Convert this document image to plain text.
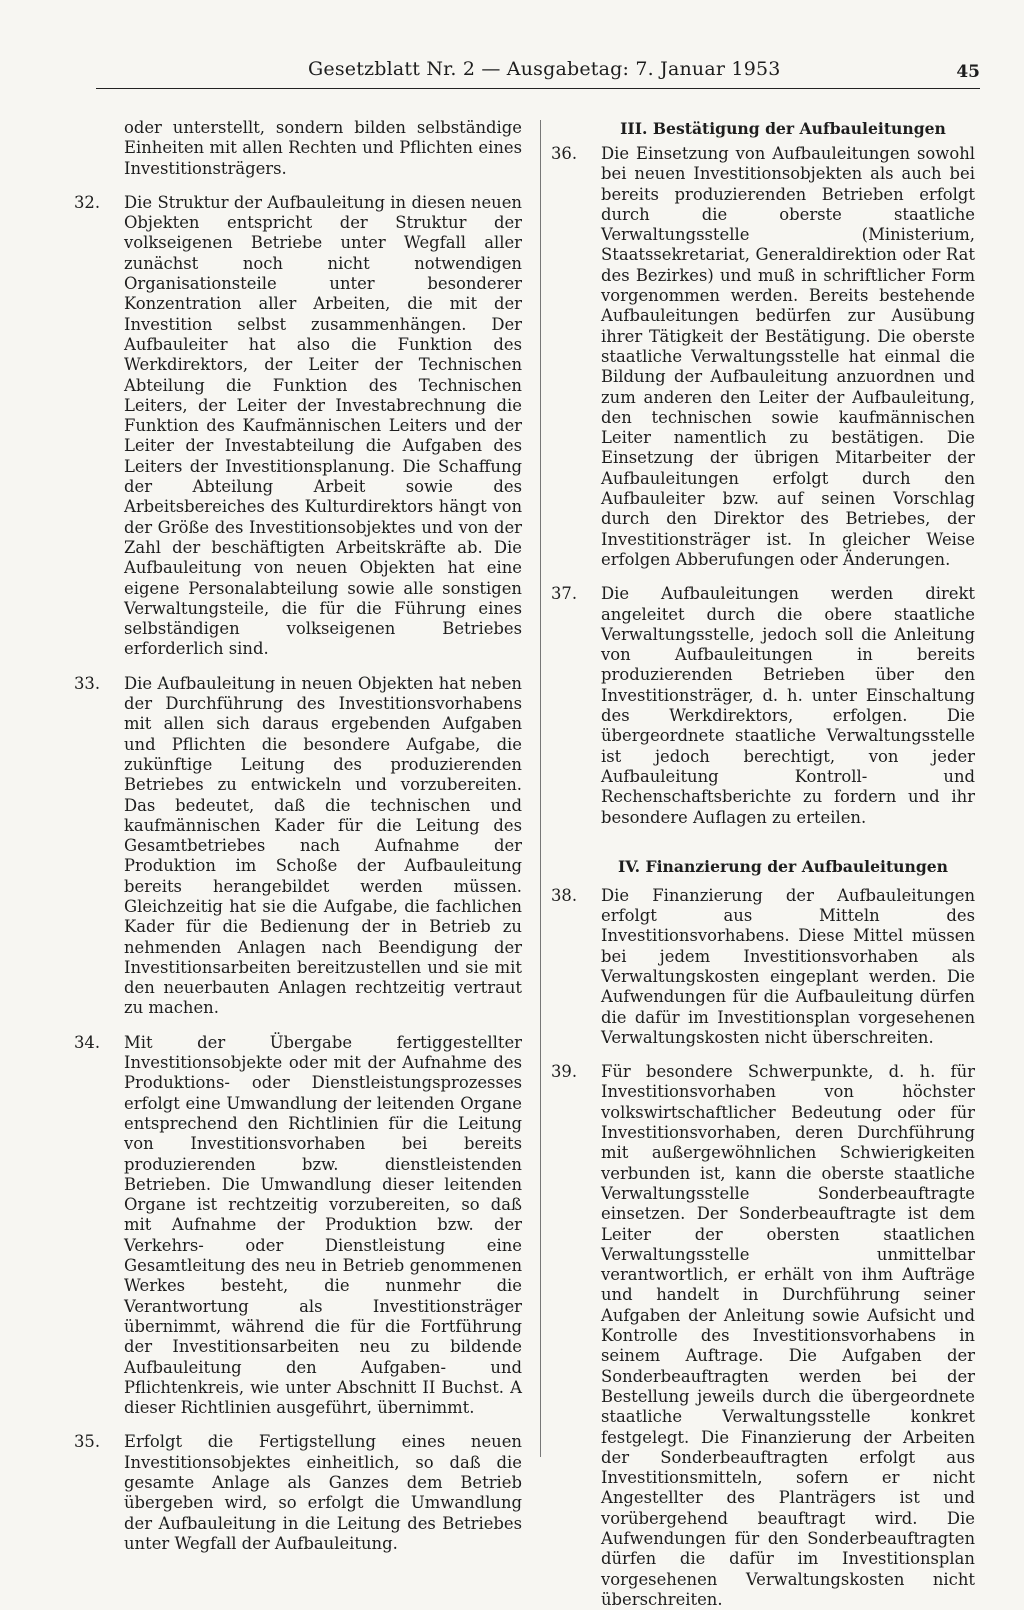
Gesetzblatt Nr. 2 — Ausgabetag: 7. Januar 1953	45
oder unterstellt, sondern bilden selbständige Einheiten mit allen Rechten und Pflichten eines Investitionsträgers.
32.	Die Struktur der Aufbauleitung in diesen neuen Objekten entspricht der Struktur der volkseigenen Betriebe unter Wegfall aller zunächst noch nicht notwendigen Organisationsteile unter besonderer Konzentration aller Arbeiten, die mit der Investition selbst zusammenhängen. Der Aufbauleiter hat also die Funktion des Werkdirektors, der Leiter der Technischen Abteilung die Funktion des Technischen Leiters, der Leiter der Investabrechnung die Funktion des Kaufmännischen Leiters und der Leiter der Investabteilung die Aufgaben des Leiters der Investitionsplanung. Die Schaffung der Abteilung Arbeit sowie des Arbeitsbereiches des Kulturdirektors hängt von der Größe des Investitionsobjektes und von der Zahl der beschäftigten Arbeitskräfte ab. Die Aufbauleitung von neuen Objekten hat eine eigene Personalabteilung sowie alle sonstigen Verwaltungsteile, die für die Führung eines selbständigen volkseigenen Betriebes erforderlich sind.
33.	Die Aufbauleitung in neuen Objekten hat neben der Durchführung des Investitionsvorhabens mit allen sich daraus ergebenden Aufgaben und Pflichten die besondere Aufgabe, die zukünftige Leitung des produzierenden Betriebes zu entwickeln und vorzubereiten. Das bedeutet, daß die technischen und kaufmännischen Kader für die Leitung des Gesamtbetriebes nach Aufnahme der Produktion im Schoße der Aufbauleitung bereits herangebildet werden müssen. Gleichzeitig hat sie die Aufgabe, die fachlichen Kader für die Bedienung der in Betrieb zu nehmenden Anlagen nach Beendigung der Investitionsarbeiten bereitzustellen und sie mit den neuerbauten Anlagen rechtzeitig vertraut zu machen.
34.	Mit der Übergabe fertiggestellter Investitionsobjekte oder mit der Aufnahme des Produktions- oder Dienstleistungsprozesses erfolgt eine Umwandlung der leitenden Organe entsprechend den Richtlinien für die Leitung von Investitionsvorhaben bei bereits produzierenden bzw. dienstleistenden Betrieben. Die Umwandlung dieser leitenden Organe ist rechtzeitig vorzubereiten, so daß mit Aufnahme der Produktion bzw. der Verkehrs- oder Dienstleistung eine Gesamtleitung des neu in Betrieb genommenen Werkes besteht, die nunmehr die Verantwortung als Investitionsträger übernimmt, während die für die Fortführung der Investitionsarbeiten neu zu bildende Aufbauleitung den Aufgaben- und Pflichtenkreis, wie unter Abschnitt II Buchst. A dieser Richtlinien ausgeführt, übernimmt.
35.	Erfolgt die Fertigstellung eines neuen Investitionsobjektes einheitlich, so daß die gesamte Anlage als Ganzes dem Betrieb übergeben wird, so erfolgt die Umwandlung der Aufbauleitung in die Leitung des Betriebes unter Wegfall der Aufbauleitung.
III. Bestätigung der Aufbauleitungen
36.	Die Einsetzung von Aufbauleitungen sowohl bei neuen Investitionsobjekten als auch bei bereits produzierenden Betrieben erfolgt durch die oberste staatliche Verwaltungsstelle (Ministerium, Staatssekretariat, Generaldirektion oder Rat des Bezirkes) und muß in schriftlicher Form vorgenommen werden. Bereits bestehende Aufbauleitungen bedürfen zur Ausübung ihrer Tätigkeit der Bestätigung. Die oberste staatliche Verwaltungsstelle hat einmal die Bildung der Aufbauleitung anzuordnen und zum anderen den Leiter der Aufbauleitung, den technischen sowie kaufmännischen Leiter namentlich zu bestätigen. Die Einsetzung der übrigen Mitarbeiter der Aufbauleitungen erfolgt durch den Aufbauleiter bzw. auf seinen Vorschlag durch den Direktor des Betriebes, der Investitionsträger ist. In gleicher Weise erfolgen Abberufungen oder Änderungen.
37.	Die Aufbauleitungen werden direkt angeleitet durch die obere staatliche Verwaltungsstelle, jedoch soll die Anleitung von Aufbauleitungen in bereits produzierenden Betrieben über den Investitionsträger, d. h. unter Einschaltung des Werkdirektors, erfolgen. Die übergeordnete staatliche Verwaltungsstelle ist jedoch berechtigt, von jeder Aufbauleitung Kontroll- und Rechenschaftsberichte zu fordern und ihr besondere Auflagen zu erteilen.
IV. Finanzierung der Aufbauleitungen
38.	Die Finanzierung der Aufbauleitungen erfolgt aus Mitteln des Investitionsvorhabens. Diese Mittel müssen bei jedem Investitionsvorhaben als Verwaltungskosten eingeplant werden. Die Aufwendungen für die Aufbauleitung dürfen die dafür im Investitionsplan vorgesehenen Verwaltungskosten nicht überschreiten.
39.	Für besondere Schwerpunkte, d. h. für Investitionsvorhaben von höchster volkswirtschaftlicher Bedeutung oder für Investitionsvorhaben, deren Durchführung mit außergewöhnlichen Schwierigkeiten verbunden ist, kann die oberste staatliche Verwaltungsstelle Sonderbeauftragte einsetzen. Der Sonderbeauftragte ist dem Leiter der obersten staatlichen Verwaltungsstelle unmittelbar verantwortlich, er erhält von ihm Aufträge und handelt in Durchführung seiner Aufgaben der Anleitung sowie Aufsicht und Kontrolle des Investitionsvorhabens in seinem Auftrage. Die Aufgaben der Sonderbeauftragten werden bei der Bestellung jeweils durch die übergeordnete staatliche Verwaltungsstelle konkret festgelegt. Die Finanzierung der Arbeiten der Sonderbeauftragten erfolgt aus Investitionsmitteln, sofern er nicht Angestellter des Planträgers ist und vorübergehend beauftragt wird. Die Aufwendungen für den Sonderbeauftragten dürfen die dafür im Investitionsplan vorgesehenen Verwaltungskosten nicht überschreiten.
